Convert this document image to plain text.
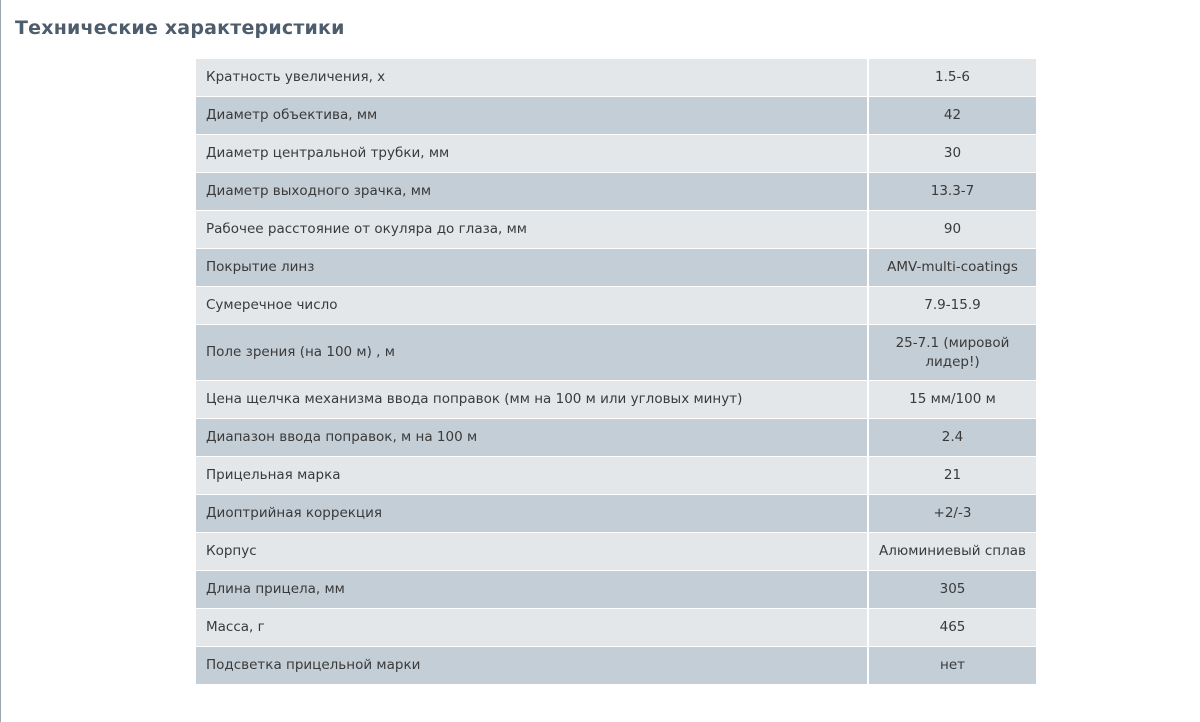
Технические характеристики
Кратность увеличения, х	1.5-6
Диаметр объектива, мм	42
Диаметр центральной трубки, мм	30
Диаметр выходного зрачка, мм	13.3-7
Рабочее расстояние от окуляра до глаза, мм	90
Покрытие линз	AMV-multi-coatings
Сумеречное число	7.9-15.9
Поле зрения (на 100 м) , м	25-7.1 (мировой лидер!)
Цена щелчка механизма ввода поправок (мм на 100 м или угловых минут)	15 мм/100 м
Диапазон ввода поправок, м на 100 м	2.4
Прицельная марка	21
Диоптрийная коррекция	+2/-3
Корпус	Алюминиевый сплав
Длина прицела, мм	305
Масса, г	465
Подсветка прицельной марки	нет
